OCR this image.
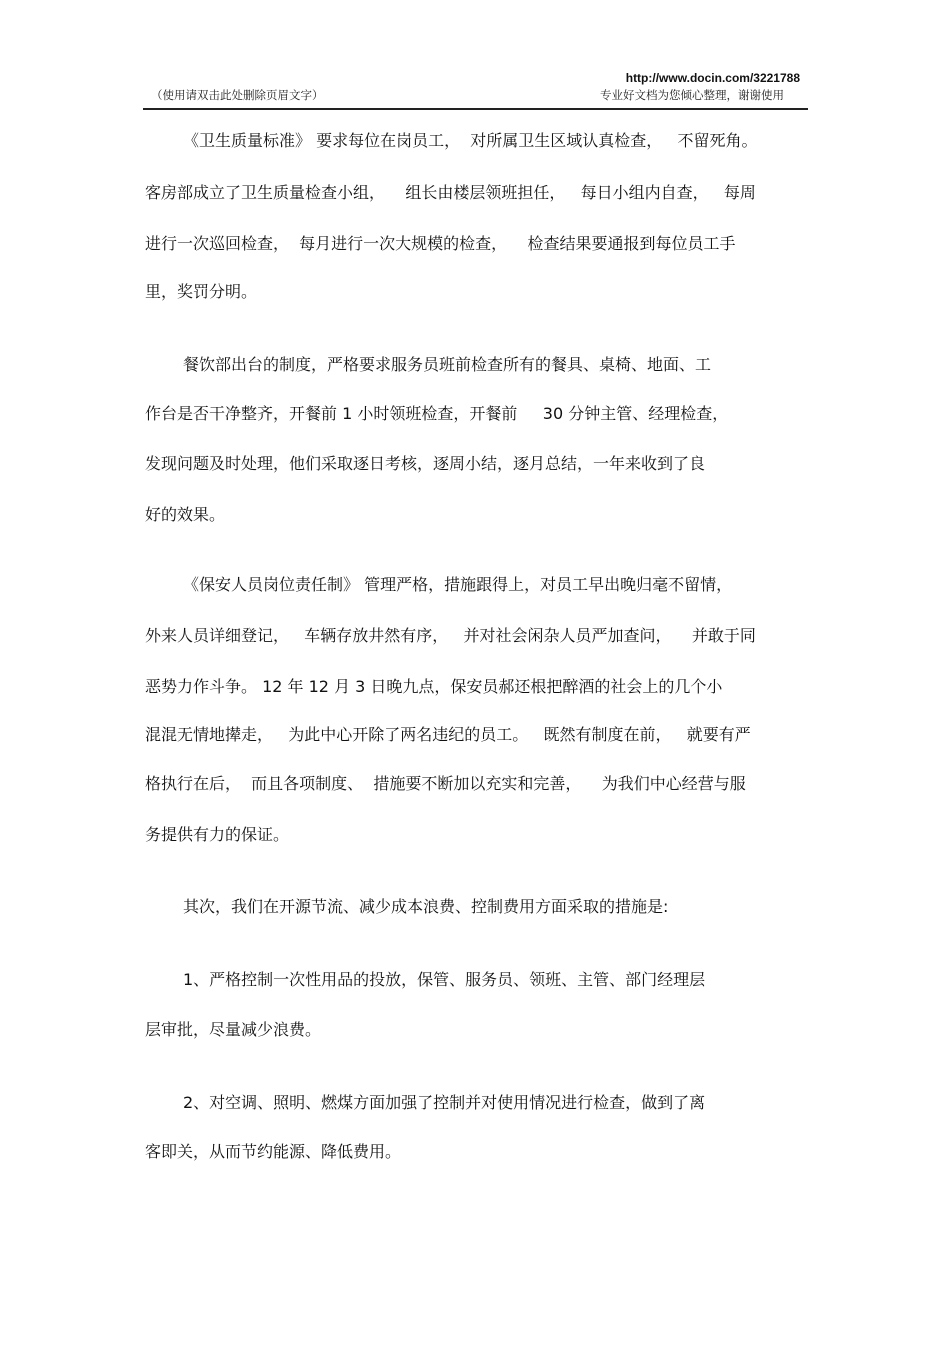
（使用请双击此处删除页眉文字）
http://www.docin.com/3221788
专业好文档为您倾心整理，谢谢使用
《卫生质量标准》 要求每位在岗员工，  对所属卫生区域认真检查，   不留死角。
客房部成立了卫生质量检查小组，    组长由楼层领班担任，   每日小组内自查，   每周
进行一次巡回检查，  每月进行一次大规模的检查，    检查结果要通报到每位员工手
里，奖罚分明。
餐饮部出台的制度，严格要求服务员班前检查所有的餐具、桌椅、地面、工
作台是否干净整齐，开餐前 1 小时领班检查，开餐前     30 分钟主管、经理检查，
发现问题及时处理，他们采取逐日考核，逐周小结，逐月总结，一年来收到了良
好的效果。
《保安人员岗位责任制》 管理严格，措施跟得上，对员工早出晚归毫不留情，
外来人员详细登记，   车辆存放井然有序，   并对社会闲杂人员严加查问，    并敢于同
恶势力作斗争。 12 年 12 月 3 日晚九点，保安员郝还根把醉酒的社会上的几个小
混混无情地撵走，   为此中心开除了两名违纪的员工。   既然有制度在前，   就要有严
格执行在后，  而且各项制度、  措施要不断加以充实和完善，    为我们中心经营与服
务提供有力的保证。
其次，我们在开源节流、减少成本浪费、控制费用方面采取的措施是:
1、严格控制一次性用品的投放，保管、服务员、领班、主管、部门经理层
层审批，尽量减少浪费。
2、对空调、照明、燃煤方面加强了控制并对使用情况进行检查，做到了离
客即关，从而节约能源、降低费用。
